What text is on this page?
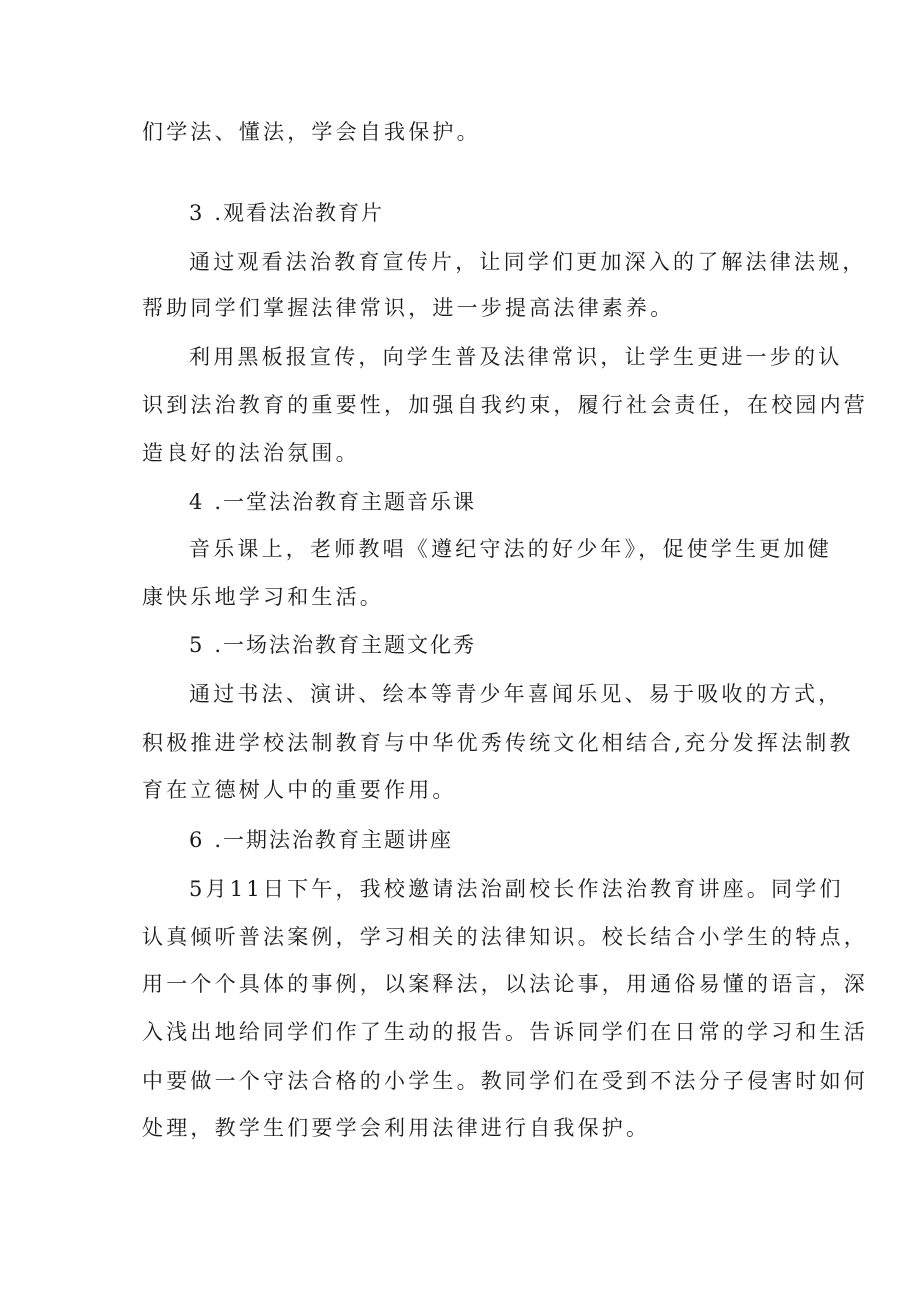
们学法、懂法，学会自我保护。
3 .观看法治教育片
通过观看法治教育宣传片，让同学们更加深入的了解法律法规，
帮助同学们掌握法律常识，进一步提高法律素养。
利用黑板报宣传，向学生普及法律常识，让学生更进一步的认
识到法治教育的重要性，加强自我约束，履行社会责任，在校园内营
造良好的法治氛围。
4 .一堂法治教育主题音乐课
音乐课上，老师教唱《遵纪守法的好少年》，促使学生更加健
康快乐地学习和生活。
5 .一场法治教育主题文化秀
通过书法、演讲、绘本等青少年喜闻乐见、易于吸收的方式，
积极推进学校法制教育与中华优秀传统文化相结合,充分发挥法制教
育在立德树人中的重要作用。
6 .一期法治教育主题讲座
5月11日下午，我校邀请法治副校长作法治教育讲座。同学们
认真倾听普法案例，学习相关的法律知识。校长结合小学生的特点，
用一个个具体的事例，以案释法，以法论事，用通俗易懂的语言，深
入浅出地给同学们作了生动的报告。告诉同学们在日常的学习和生活
中要做一个守法合格的小学生。教同学们在受到不法分子侵害时如何
处理，教学生们要学会利用法律进行自我保护。
